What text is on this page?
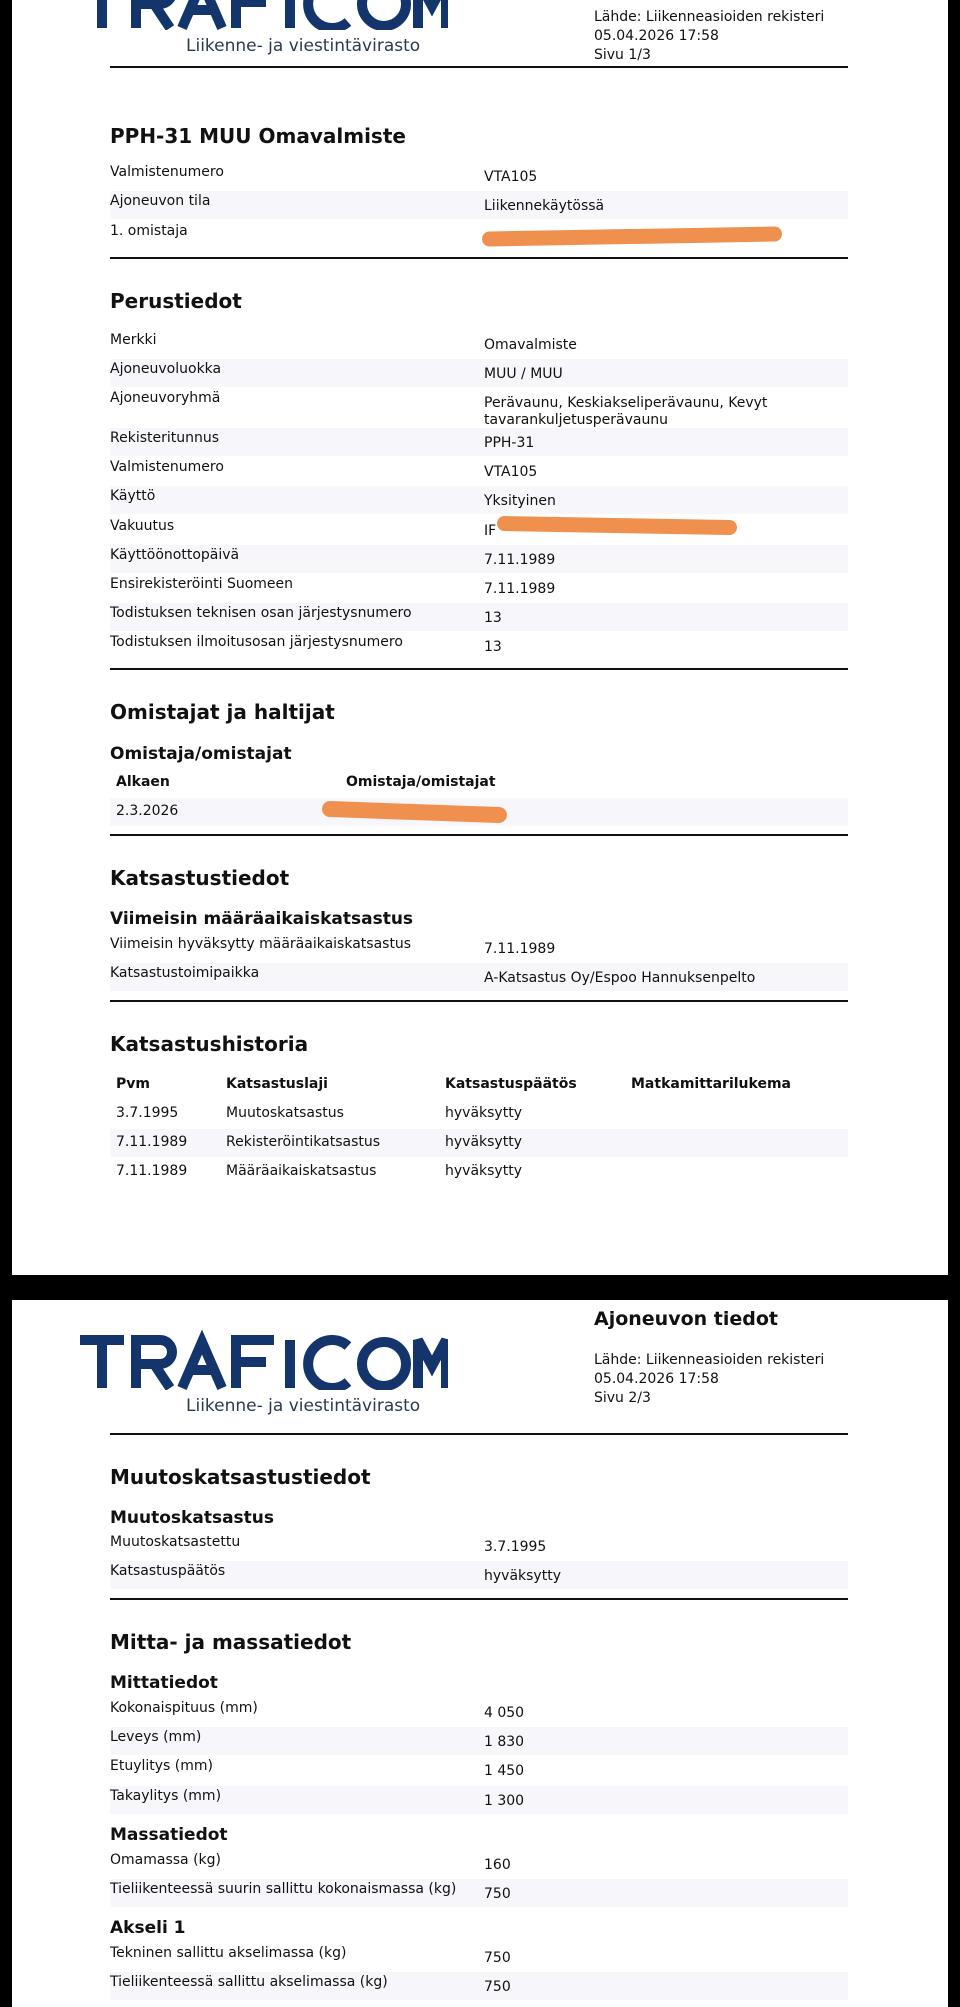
Liikenne- ja viestintävirasto
Lähde: Liikenneasioiden rekisteri
05.04.2026 17:58
Sivu 1/3
PPH-31 MUU Omavalmiste
Valmistenumero	VTA105
Ajoneuvon tila	Liikennekäytössä
1. omistaja
Perustiedot
Merkki	Omavalmiste
Ajoneuvoluokka	MUU / MUU
Ajoneuvoryhmä	Perävaunu, Keskiakseliperävaunu, Kevyt tavarankuljetusperävaunu
Rekisteritunnus	PPH-31
Valmistenumero	VTA105
Käyttö	Yksityinen
Vakuutus	IF
Käyttöönottopäivä	7.11.1989
Ensirekisteröinti Suomeen	7.11.1989
Todistuksen teknisen osan järjestysnumero	13
Todistuksen ilmoitusosan järjestysnumero	13
Omistajat ja haltijat
Omistaja/omistajat
Alkaen	Omistaja/omistajat
2.3.2026
Katsastustiedot
Viimeisin määräaikaiskatsastus
Viimeisin hyväksytty määräaikaiskatsastus	7.11.1989
Katsastustoimipaikka	A-Katsastus Oy/Espoo Hannuksenpelto
Katsastushistoria
Pvm	Katsastuslaji	Katsastuspäätös	Matkamittarilukema
3.7.1995	Muutoskatsastus	hyväksytty
7.11.1989	Rekisteröintikatsastus	hyväksytty
7.11.1989	Määräaikaiskatsastus	hyväksytty
Liikenne- ja viestintävirasto
Ajoneuvon tiedot
Lähde: Liikenneasioiden rekisteri
05.04.2026 17:58
Sivu 2/3
Muutoskatsastustiedot
Muutoskatsastus
Muutoskatsastettu	3.7.1995
Katsastuspäätös	hyväksytty
Mitta- ja massatiedot
Mittatiedot
Kokonaispituus (mm)	4 050
Leveys (mm)	1 830
Etuylitys (mm)	1 450
Takaylitys (mm)	1 300
Massatiedot
Omamassa (kg)	160
Tieliikenteessä suurin sallittu kokonaismassa (kg) 750
Akseli 1
Tekninen sallittu akselimassa (kg)	750
Tieliikenteessä sallittu akselimassa (kg)	750
